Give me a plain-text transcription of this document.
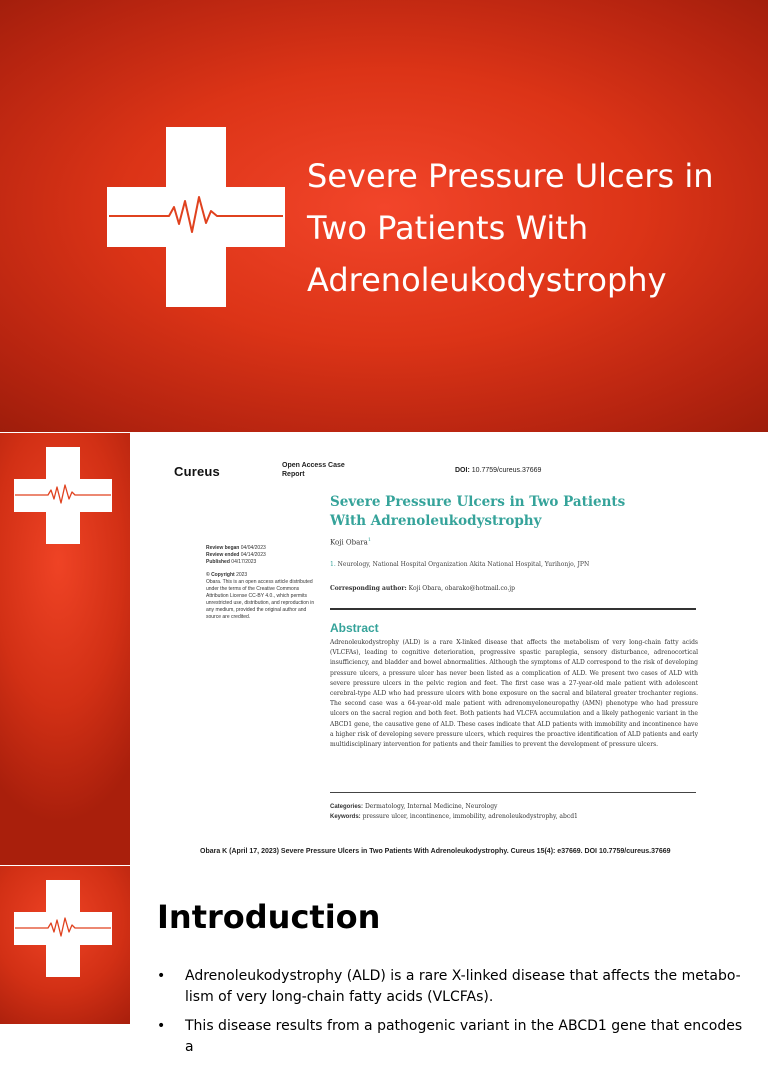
Severe Pressure Ulcers in Two Patients With Adrenoleukodystrophy
Cureus	Open Access Case Report
DOI: 10.7759/cureus.37669
Review began 04/04/2023
Review ended 04/14/2023
Published 04/17/2023
© Copyright 2023
Obara. This is an open access article distributed under the terms of the Creative Commons Attribution License CC-BY 4.0., which permits unrestricted use, distribution, and reproduction in any medium, provided the original author and source are credited.
Severe Pressure Ulcers in Two Patients With Adrenoleukodystrophy
Koji Obara$^1$
1. Neurology, National Hospital Organization Akita National Hospital, Yurihonjo, JPN
Corresponding author: Koji Obara, obarako@hotmail.co.jp
Abstract
Adrenoleukodystrophy (ALD) is a rare X-linked disease that affects the metabolism of very long-chain fatty acids (VLCFAs), leading to cognitive deterioration, progressive spastic paraplegia, sensory disturbance, adrenocortical insufficiency, and bladder and bowel abnormalities. Although the symptoms of ALD correspond to the risk of developing pressure ulcers, a pressure ulcer has never been listed as a complication of ALD. We present two cases of ALD with severe pressure ulcers in the pelvic region and feet. The first case was a 27-year-old male patient with adolescent cerebral-type ALD who had pressure ulcers with bone exposure on the sacral and bilateral greater trochanter regions. The second case was a 64-year-old male patient with adrenomyeloneuropathy (AMN) phenotype who had pressure ulcers on the sacral region and both feet. Both patients had VLCFA accumulation and a likely pathogenic variant in the ABCD1 gene, the causative gene of ALD. These cases indicate that ALD patients with immobility and incontinence have a higher risk of developing severe pressure ulcers, which requires the proactive identification of ALD patients and early multidisciplinary intervention for patients and their families to prevent the development of pressure ulcers.
Categories: Dermatology, Internal Medicine, Neurology
Keywords: pressure ulcer, incontinence, immobility, adrenoleukodystrophy, abcd1
Obara K (April 17, 2023) Severe Pressure Ulcers in Two Patients With Adrenoleukodystrophy. Cureus 15(4): e37669. DOI 10.7759/cureus.37669
Introduction
• Adrenoleukodystrophy (ALD) is a rare X-linked disease that affects the metabo-lism of very long-chain fatty acids (VLCFAs).
• This disease results from a pathogenic variant in the ABCD1 gene that encodes a
